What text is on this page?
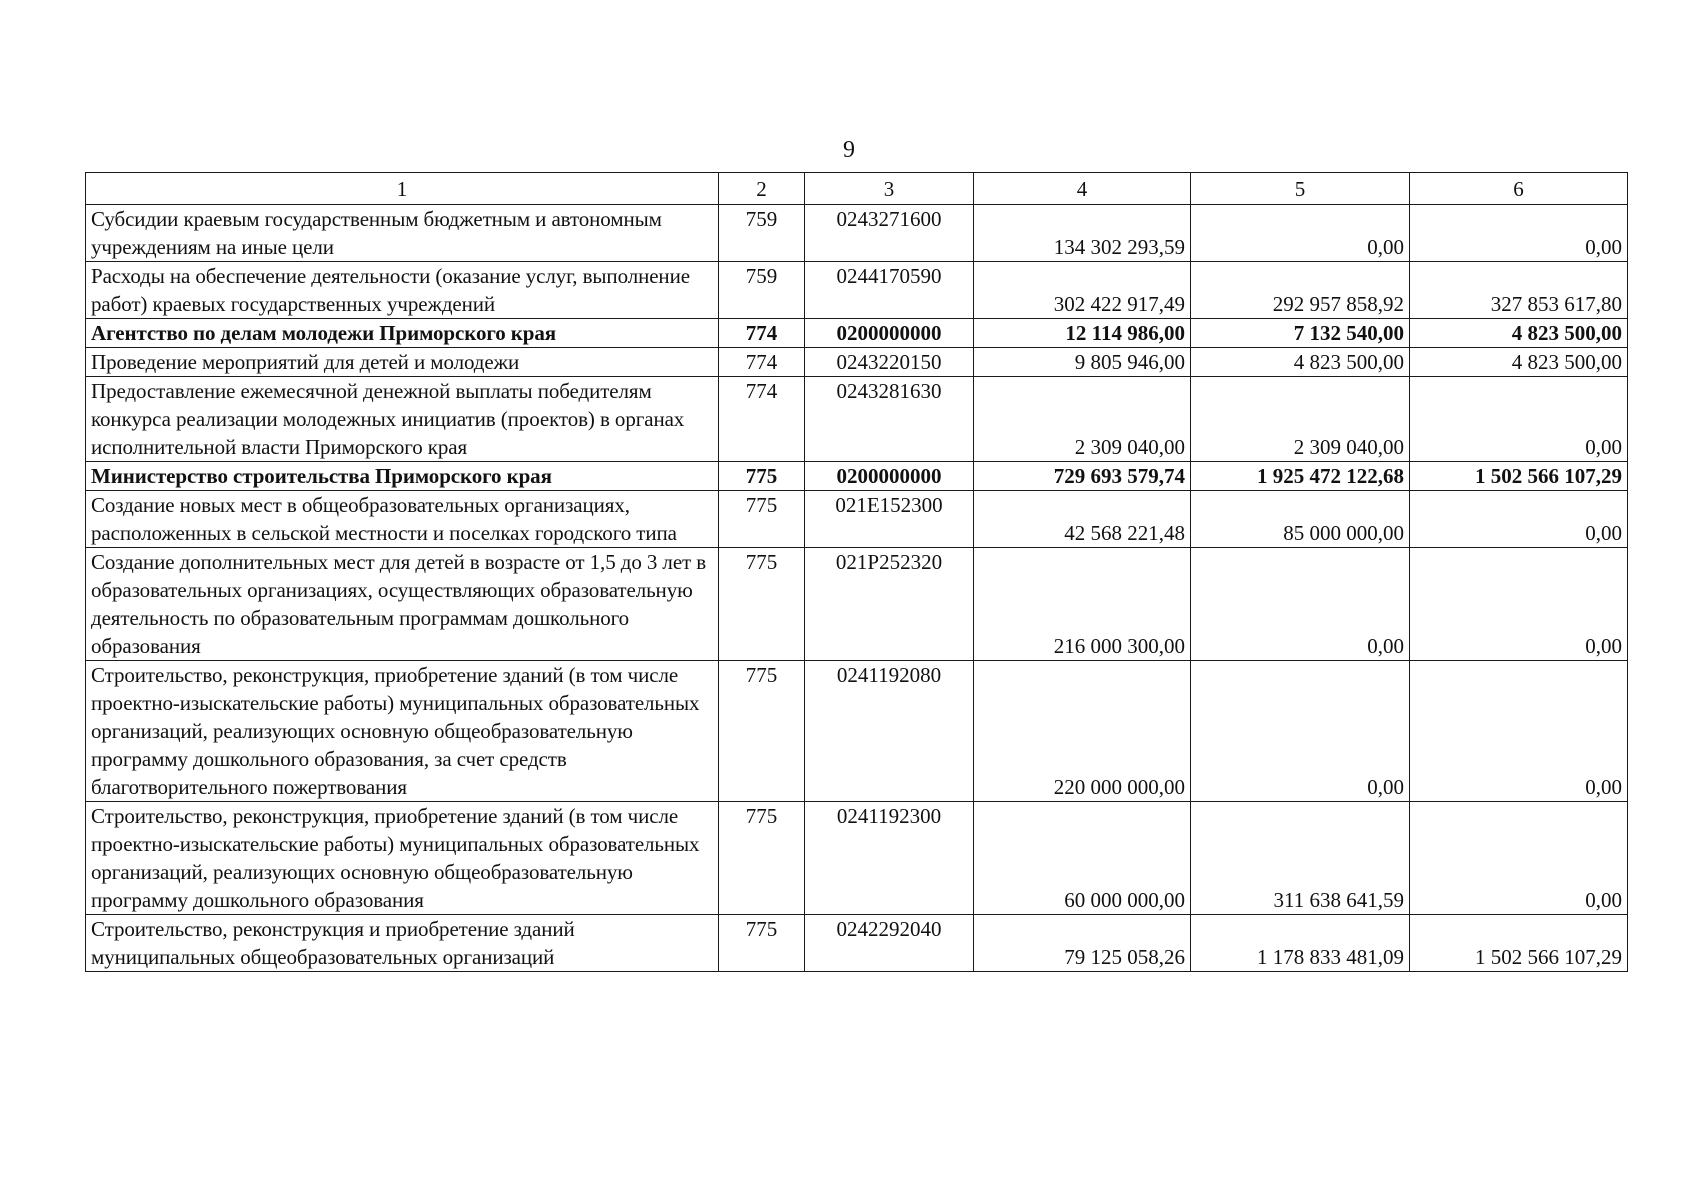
9
1	2	3	4	5	6
Субсидии краевым государственным бюджетным и автономным учреждениям на иные цели	759	0243271600	134 302 293,59	0,00	0,00
Расходы на обеспечение деятельности (оказание услуг, выполнение работ) краевых государственных учреждений	759	0244170590	302 422 917,49	292 957 858,92	327 853 617,80
Агентство по делам молодежи Приморского края	774	0200000000	12 114 986,00	7 132 540,00	4 823 500,00
Проведение мероприятий для детей и молодежи	774	0243220150	9 805 946,00	4 823 500,00	4 823 500,00
Предоставление ежемесячной денежной выплаты победителям конкурса реализации молодежных инициатив (проектов) в органах исполнительной власти Приморского края	774	0243281630	2 309 040,00	2 309 040,00	0,00
Министерство строительства Приморского края	775	0200000000	729 693 579,74	1 925 472 122,68	1 502 566 107,29
Создание новых мест в общеобразовательных организациях, расположенных в сельской местности и поселках городского типа	775	021E152300	42 568 221,48	85 000 000,00	0,00
Создание дополнительных мест для детей в возрасте от 1,5 до 3 лет в образовательных организациях, осуществляющих образовательную деятельность по образовательным программам дошкольного образования	775	021P252320	216 000 300,00	0,00	0,00
Строительство, реконструкция, приобретение зданий (в том числе проектно-изыскательские работы) муниципальных образовательных организаций, реализующих основную общеобразовательную программу дошкольного образования, за счет средств благотворительного пожертвования	775	0241192080	220 000 000,00	0,00	0,00
Строительство, реконструкция, приобретение зданий (в том числе проектно-изыскательские работы) муниципальных образовательных организаций, реализующих основную общеобразовательную программу дошкольного образования	775	0241192300	60 000 000,00	311 638 641,59	0,00
Строительство, реконструкция и приобретение зданий муниципальных общеобразовательных организаций	775	0242292040	79 125 058,26	1 178 833 481,09	1 502 566 107,29
